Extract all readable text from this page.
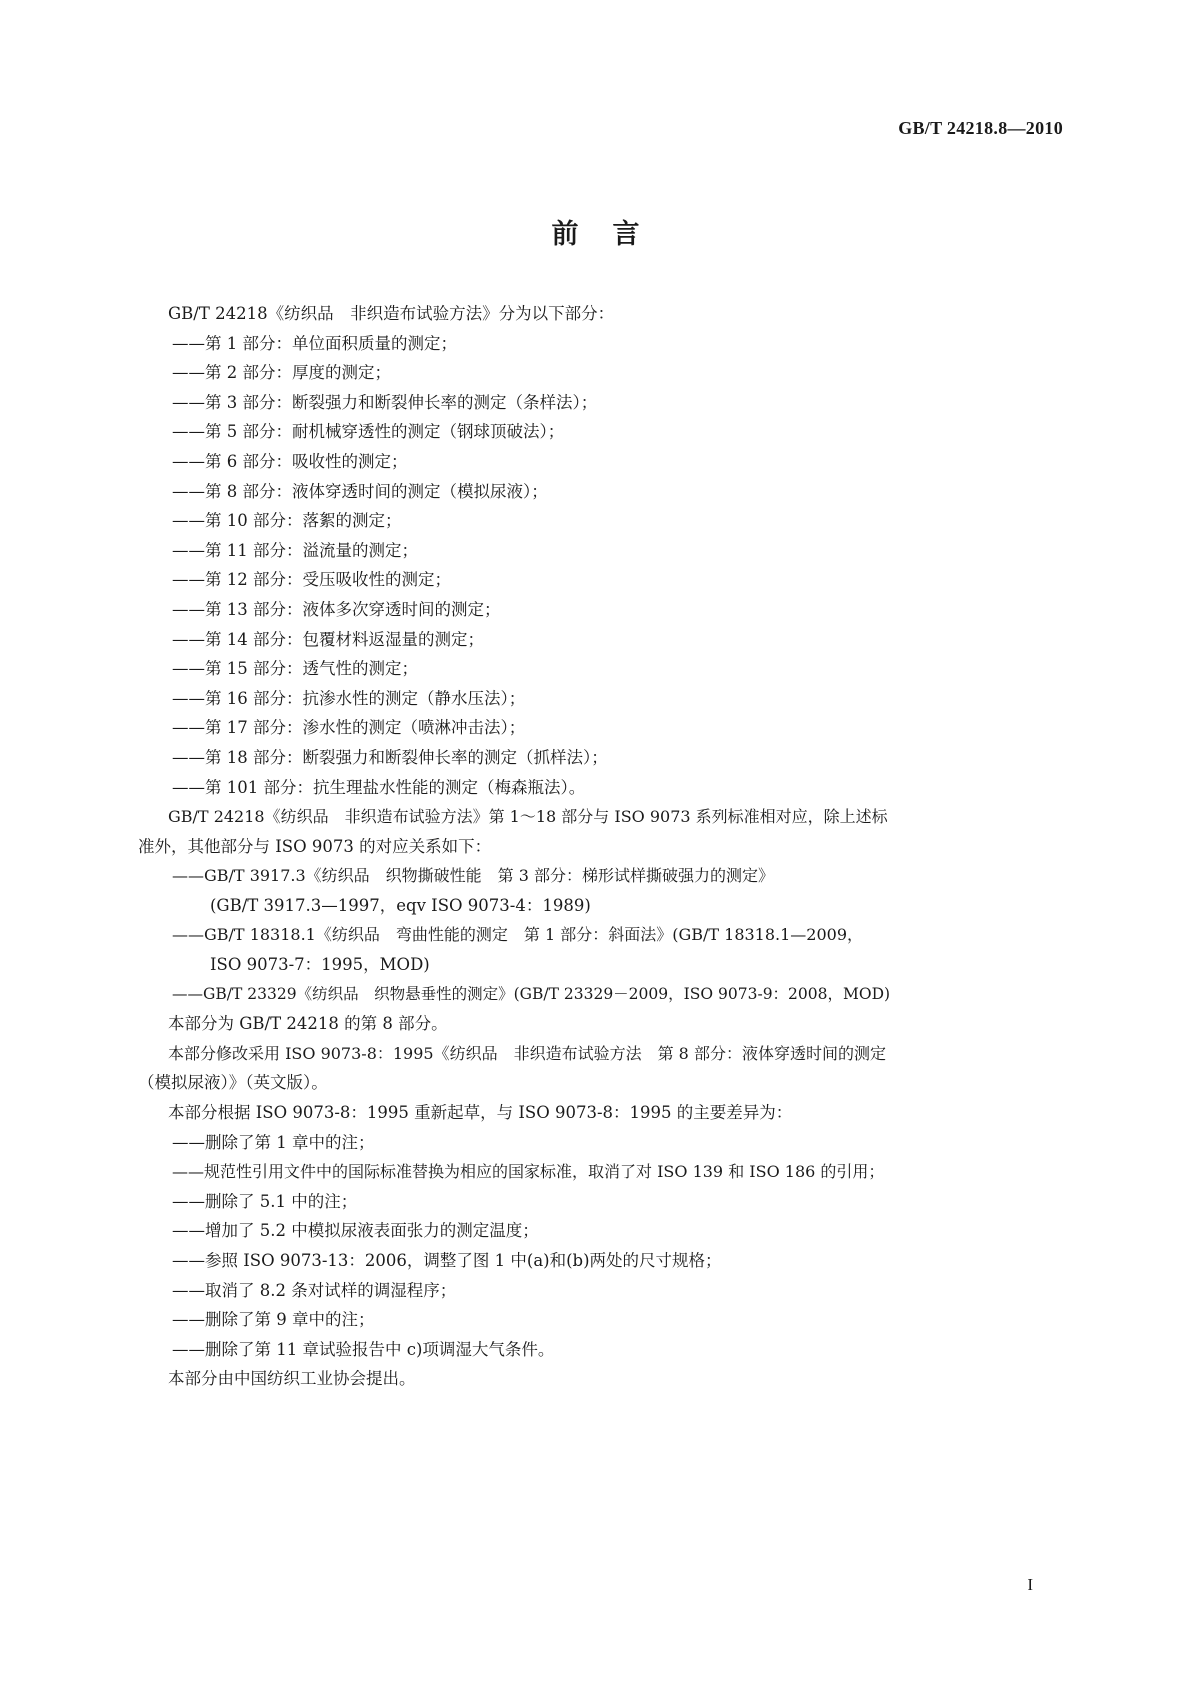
GB/T 24218.8—2010
前言
GB/T 24218《纺织品　非织造布试验方法》分为以下部分：
——第 1 部分：单位面积质量的测定；
——第 2 部分：厚度的测定；
——第 3 部分：断裂强力和断裂伸长率的测定（条样法）；
——第 5 部分：耐机械穿透性的测定（钢球顶破法）；
——第 6 部分：吸收性的测定；
——第 8 部分：液体穿透时间的测定（模拟尿液）；
——第 10 部分：落絮的测定；
——第 11 部分：溢流量的测定；
——第 12 部分：受压吸收性的测定；
——第 13 部分：液体多次穿透时间的测定；
——第 14 部分：包覆材料返湿量的测定；
——第 15 部分：透气性的测定；
——第 16 部分：抗渗水性的测定（静水压法）；
——第 17 部分：渗水性的测定（喷淋冲击法）；
——第 18 部分：断裂强力和断裂伸长率的测定（抓样法）；
——第 101 部分：抗生理盐水性能的测定（梅森瓶法）。
GB/T 24218《纺织品　非织造布试验方法》第 1～18 部分与 ISO 9073 系列标准相对应，除上述标
准外，其他部分与 ISO 9073 的对应关系如下：
——GB/T 3917.3《纺织品　织物撕破性能　第 3 部分：梯形试样撕破强力的测定》
(GB/T 3917.3—1997，eqv ISO 9073-4：1989)
——GB/T 18318.1《纺织品　弯曲性能的测定　第 1 部分：斜面法》(GB/T 18318.1—2009，
ISO 9073-7：1995，MOD)
——GB/T 23329《纺织品　织物悬垂性的测定》(GB/T 23329－2009，ISO 9073-9：2008，MOD)
本部分为 GB/T 24218 的第 8 部分。
本部分修改采用 ISO 9073-8：1995《纺织品　非织造布试验方法　第 8 部分：液体穿透时间的测定
（模拟尿液）》（英文版）。
本部分根据 ISO 9073-8：1995 重新起草，与 ISO 9073-8：1995 的主要差异为：
——删除了第 1 章中的注；
——规范性引用文件中的国际标准替换为相应的国家标准，取消了对 ISO 139 和 ISO 186 的引用；
——删除了 5.1 中的注；
——增加了 5.2 中模拟尿液表面张力的测定温度；
——参照 ISO 9073-13：2006，调整了图 1 中(a)和(b)两处的尺寸规格；
——取消了 8.2 条对试样的调湿程序；
——删除了第 9 章中的注；
——删除了第 11 章试验报告中 c)项调湿大气条件。
本部分由中国纺织工业协会提出。
I
